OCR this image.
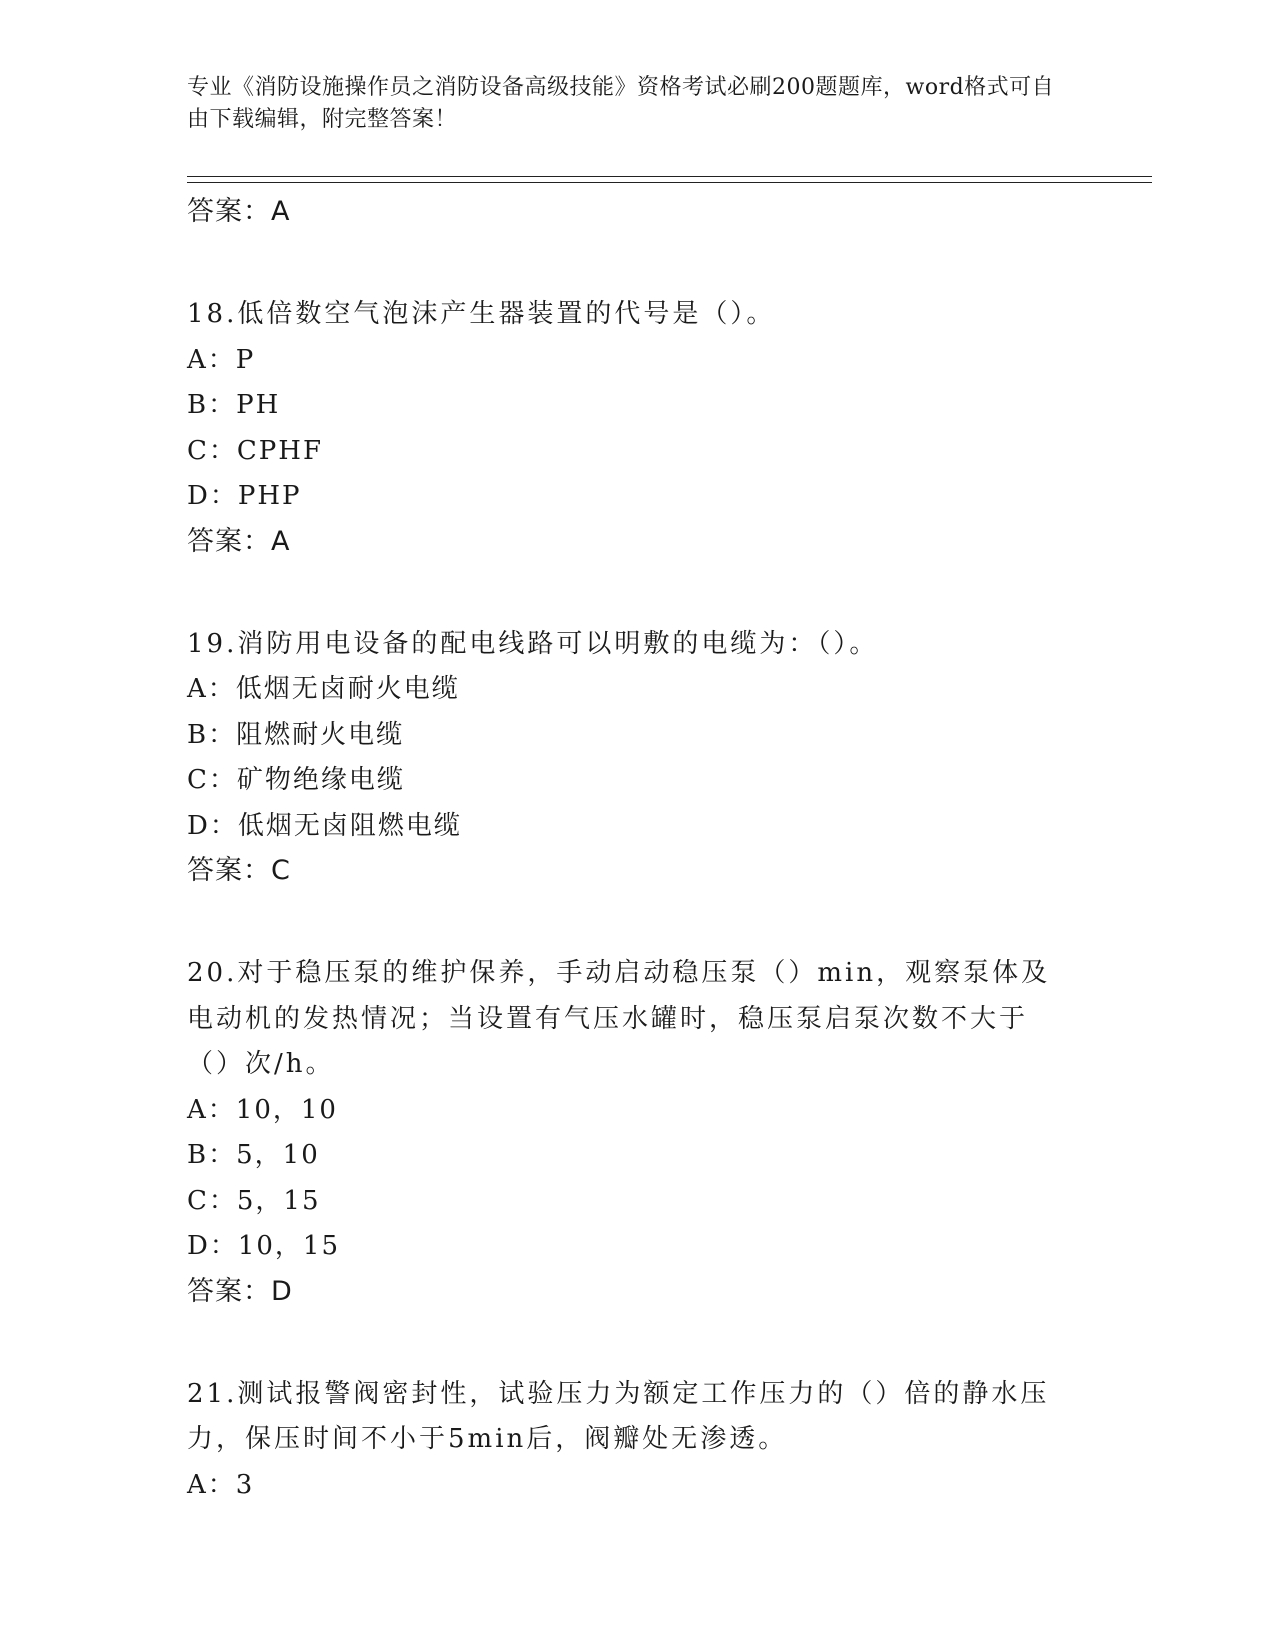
专业《消防设施操作员之消防设备高级技能》资格考试必刷200题题库，word格式可自由下载编辑，附完整答案！
答案：A
18.低倍数空气泡沫产生器装置的代号是（）。
A：P
B：PH
C：CPHF
D：PHP
答案：A
19.消防用电设备的配电线路可以明敷的电缆为：（）。
A：低烟无卤耐火电缆
B：阻燃耐火电缆
C：矿物绝缘电缆
D：低烟无卤阻燃电缆
答案：C
20.对于稳压泵的维护保养，手动启动稳压泵（）min，观察泵体及电动机的发热情况；当设置有气压水罐时，稳压泵启泵次数不大于（）次/h。
A：10，10
B：5，10
C：5，15
D：10，15
答案：D
21.测试报警阀密封性，试验压力为额定工作压力的（）倍的静水压力，保压时间不小于5min后，阀瓣处无渗透。
A：3
